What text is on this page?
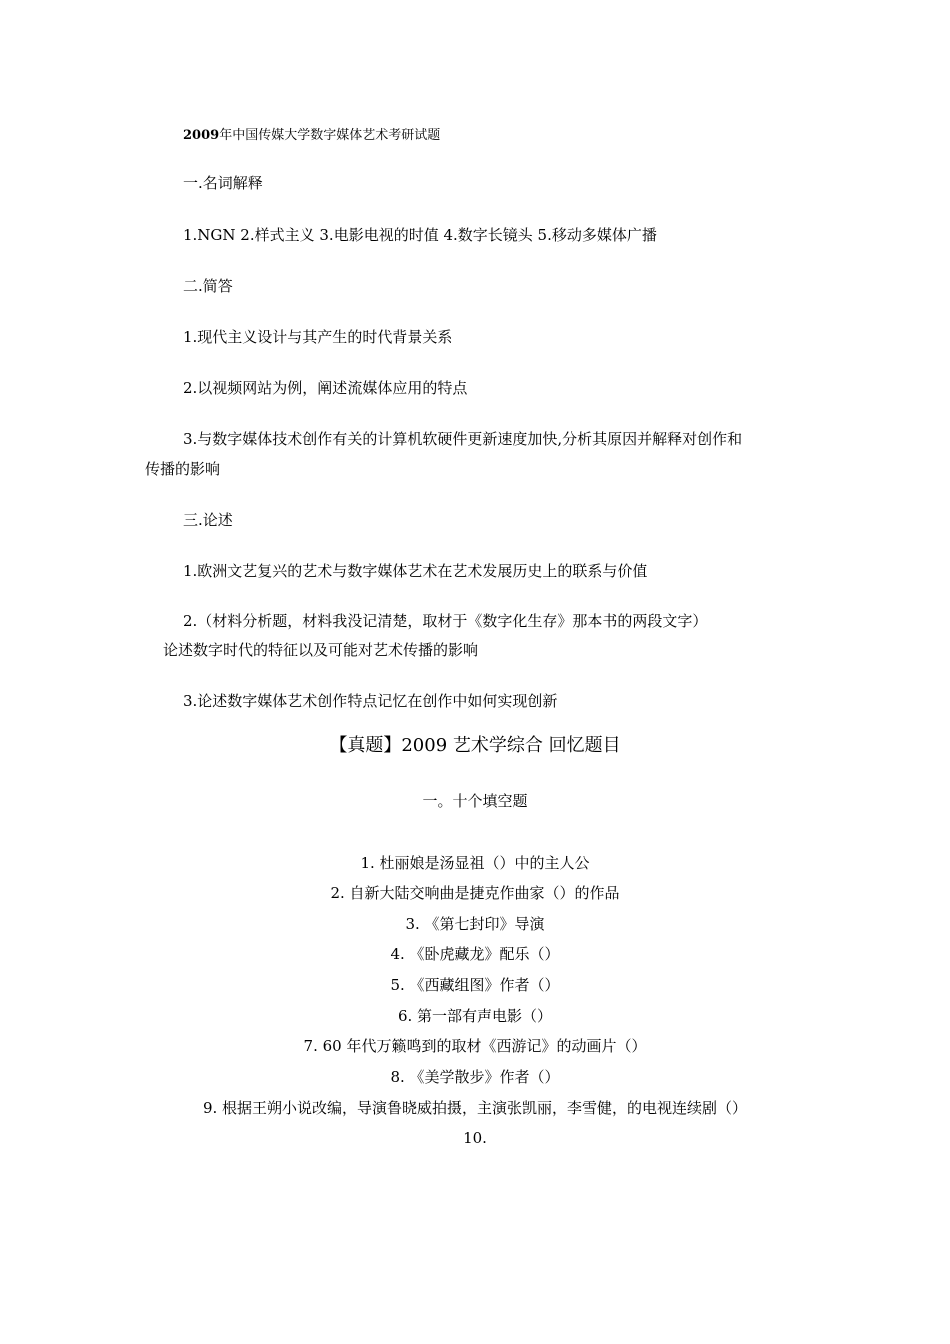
2009年中国传媒大学数字媒体艺术考研试题
一.名词解释
1.NGN 2.样式主义 3.电影电视的时值 4.数字长镜头 5.移动多媒体广播
二.简答
1.现代主义设计与其产生的时代背景关系
2.以视频网站为例，阐述流媒体应用的特点
3.与数字媒体技术创作有关的计算机软硬件更新速度加快,分析其原因并解释对创作和
传播的影响
三.论述
1.欧洲文艺复兴的艺术与数字媒体艺术在艺术发展历史上的联系与价值
2.（材料分析题，材料我没记清楚，取材于《数字化生存》那本书的两段文字）
论述数字时代的特征以及可能对艺术传播的影响
3.论述数字媒体艺术创作特点记忆在创作中如何实现创新
【真题】2009 艺术学综合 回忆题目
一。十个填空题
1. 杜丽娘是汤显祖（）中的主人公
2. 自新大陆交响曲是捷克作曲家（）的作品
3. 《第七封印》导演
4. 《卧虎藏龙》配乐（）
5. 《西藏组图》作者（）
6. 第一部有声电影（）
7. 60 年代万籁鸣到的取材《西游记》的动画片（）
8. 《美学散步》作者（）
9. 根据王朔小说改编，导演鲁晓威拍摄，主演张凯丽，李雪健，的电视连续剧（）
10.
